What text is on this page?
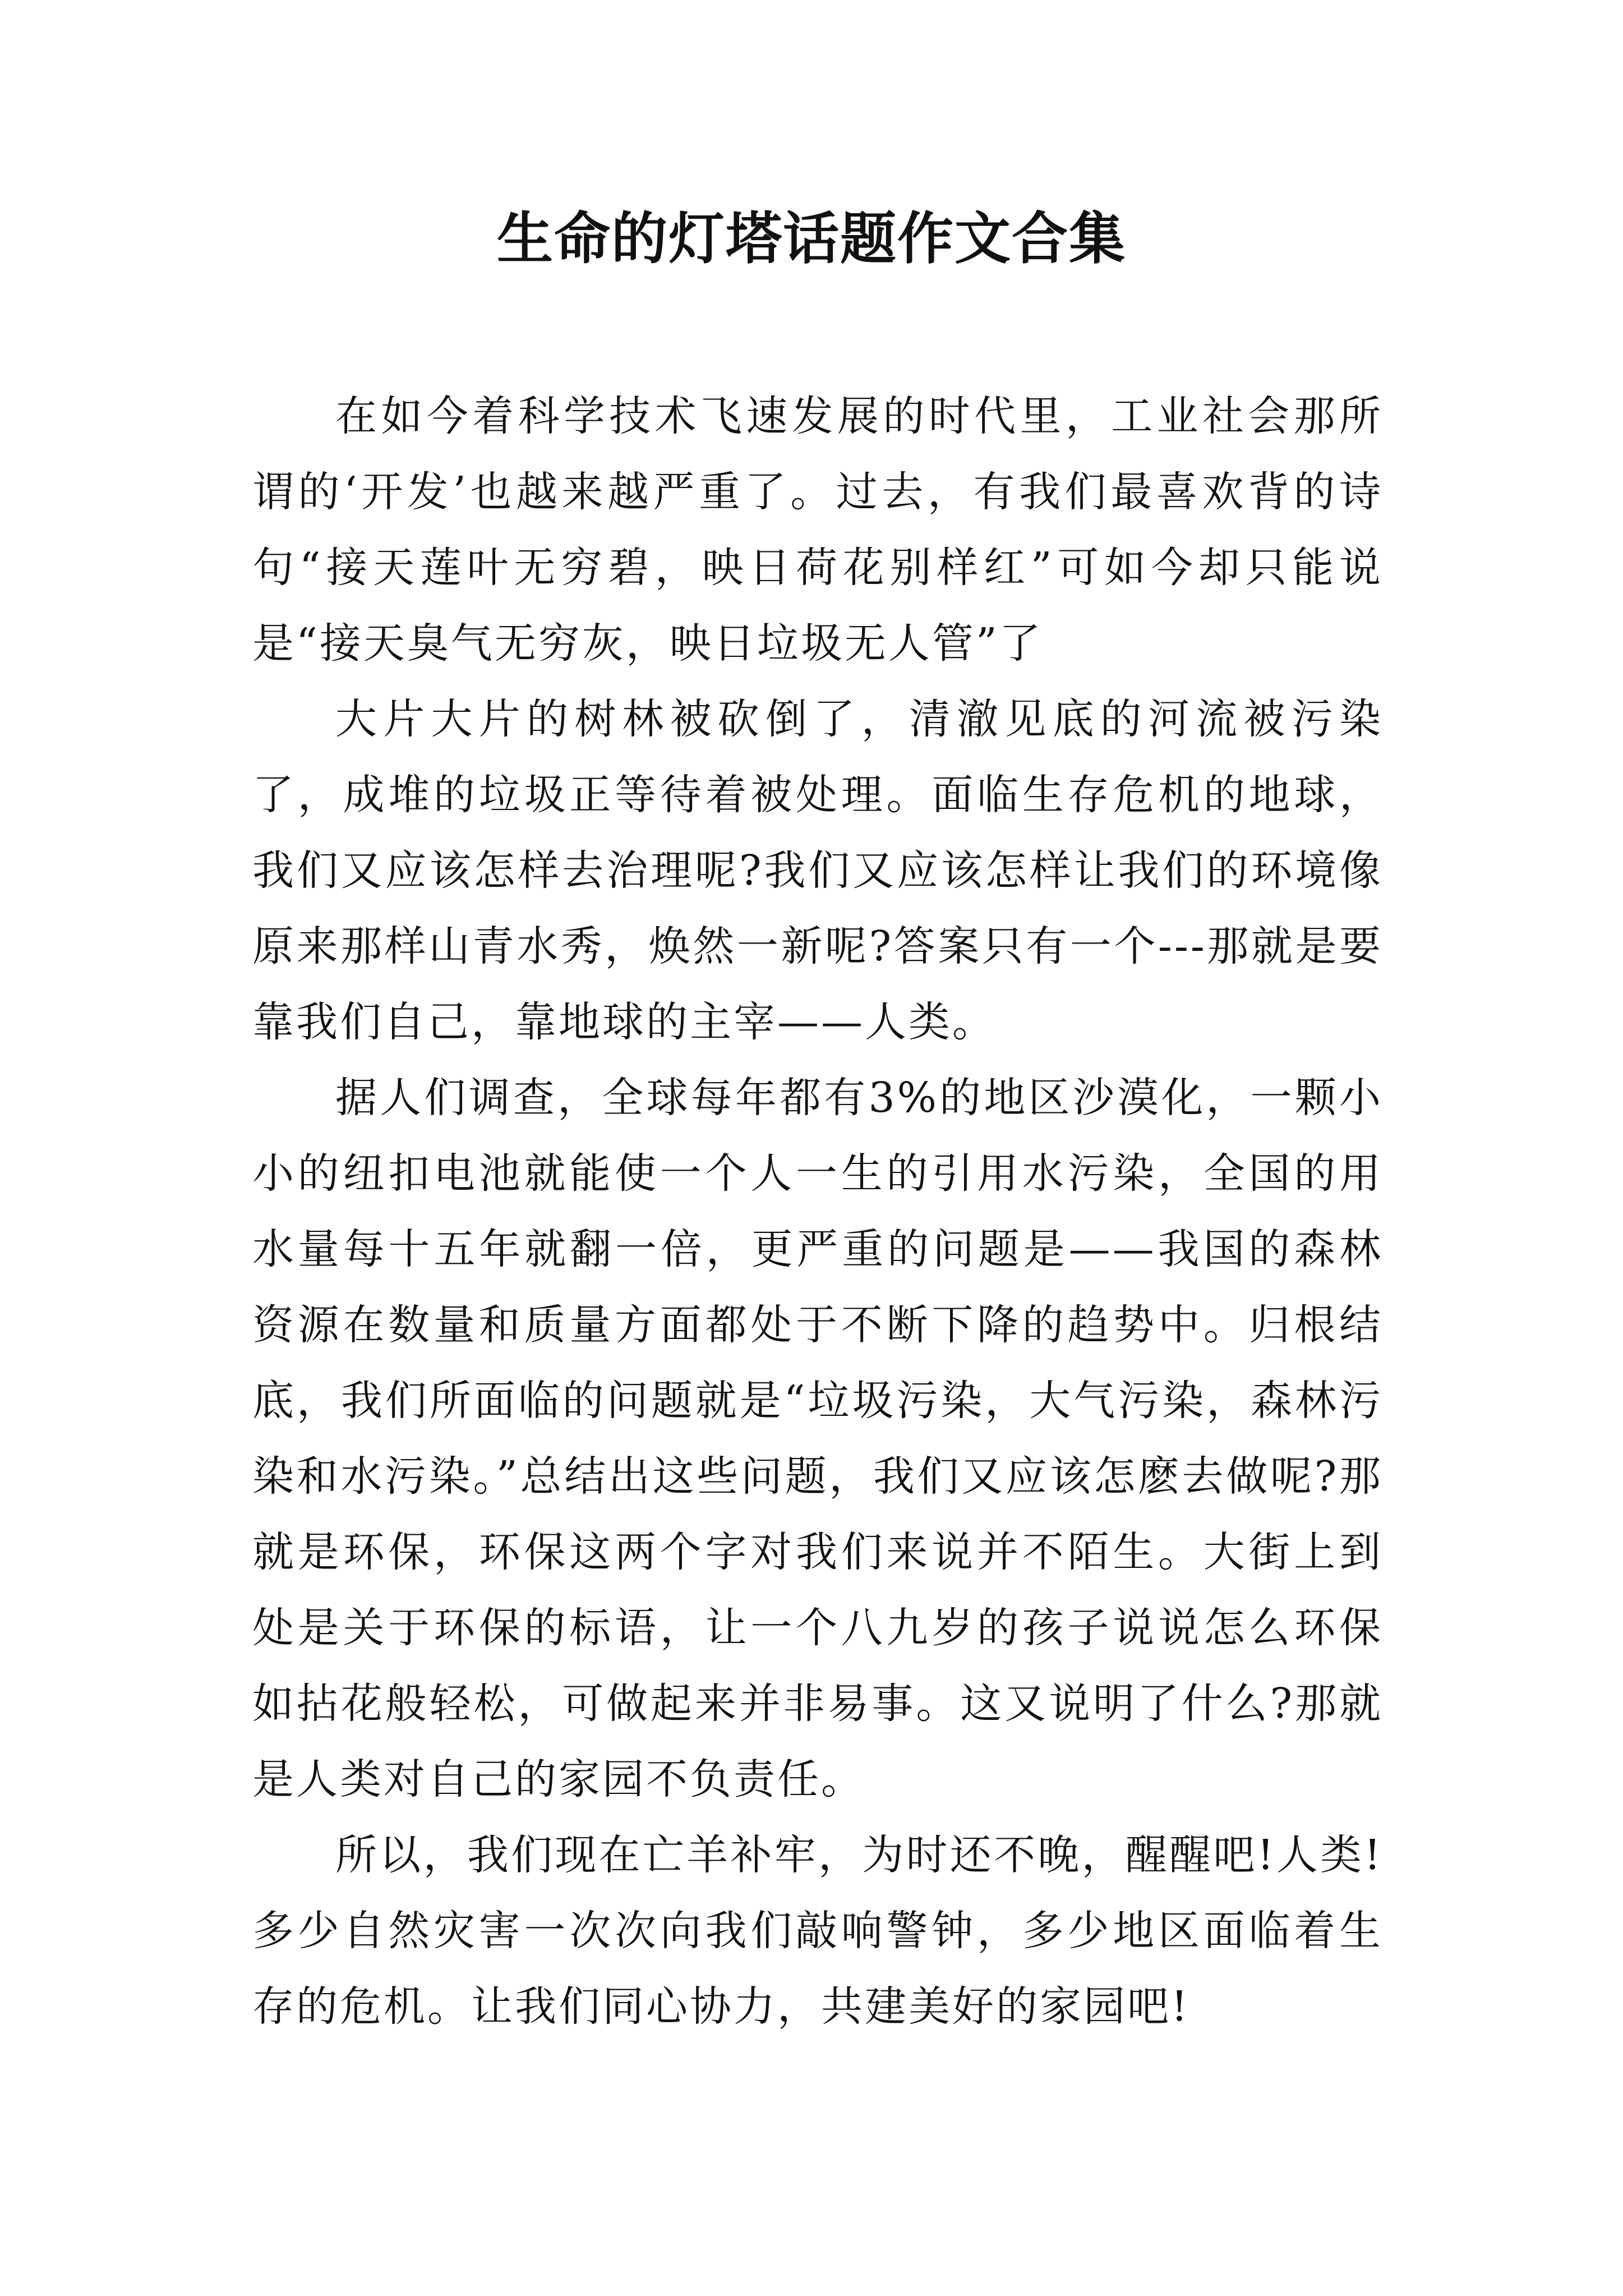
生命的灯塔话题作文合集

在如今着科学技术飞速发展的时代里，工业社会那所谓的‘开发’也越来越严重了。过去，有我们最喜欢背的诗句“接天莲叶无穷碧，映日荷花别样红”可如今却只能说是“接天臭气无穷灰，映日垃圾无人管”了

大片大片的树林被砍倒了，清澈见底的河流被污染了，成堆的垃圾正等待着被处理。面临生存危机的地球，我们又应该怎样去治理呢?我们又应该怎样让我们的环境像原来那样山青水秀，焕然一新呢?答案只有一个---那就是要靠我们自己，靠地球的主宰——人类。

据人们调查，全球每年都有3%的地区沙漠化，一颗小小的纽扣电池就能使一个人一生的引用水污染，全国的用水量每十五年就翻一倍，更严重的问题是——我国的森林资源在数量和质量方面都处于不断下降的趋势中。归根结底，我们所面临的问题就是“垃圾污染，大气污染，森林污染和水污染。”总结出这些问题，我们又应该怎麽去做呢?那就是环保，环保这两个字对我们来说并不陌生。大街上到处是关于环保的标语，让一个八九岁的孩子说说怎么环保如拈花般轻松，可做起来并非易事。这又说明了什么?那就是人类对自己的家园不负责任。

所以，我们现在亡羊补牢，为时还不晚，醒醒吧!人类!多少自然灾害一次次向我们敲响警钟，多少地区面临着生存的危机。让我们同心协力，共建美好的家园吧!
